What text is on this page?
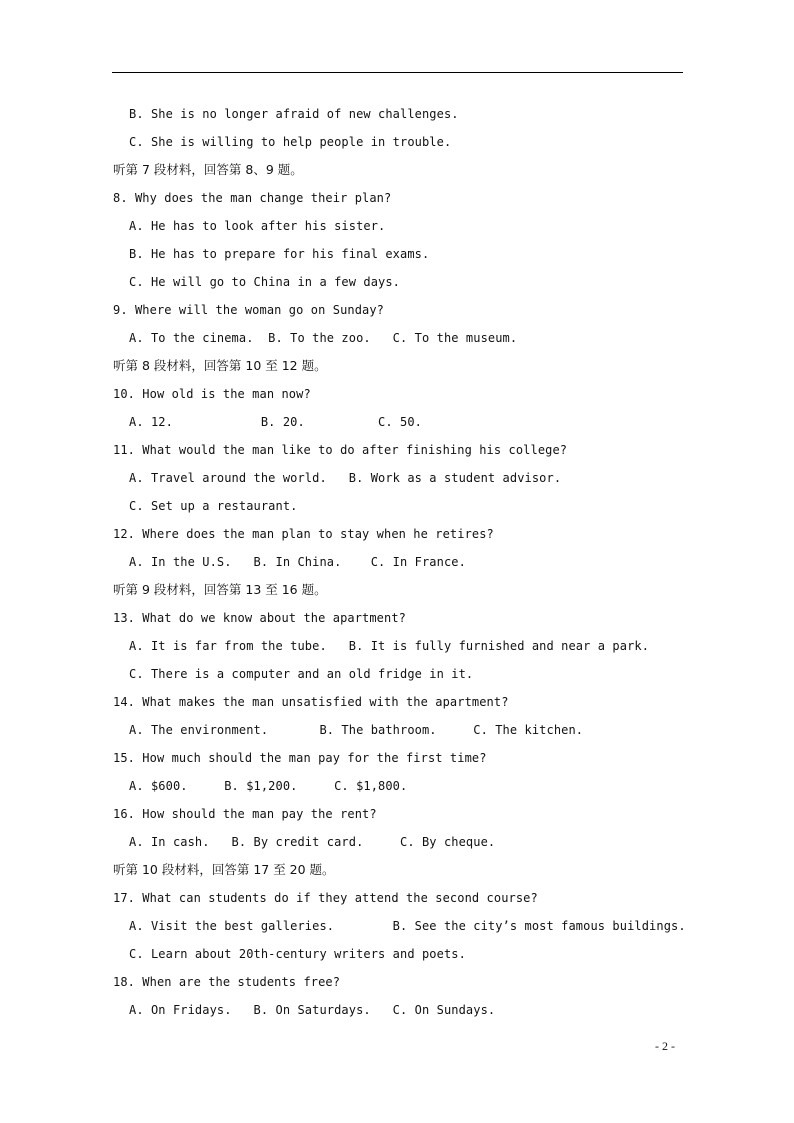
B. She is no longer afraid of new challenges.
C. She is willing to help people in trouble.
听第 7 段材料，回答第 8、9 题。
8. Why does the man change their plan?
A. He has to look after his sister.
B. He has to prepare for his final exams.
C. He will go to China in a few days.
9. Where will the woman go on Sunday?
A. To the cinema.  B. To the zoo.   C. To the museum.
听第 8 段材料，回答第 10 至 12 题。
10. How old is the man now?
A. 12.            B. 20.          C. 50.
11. What would the man like to do after finishing his college?
A. Travel around the world.   B. Work as a student advisor.
C. Set up a restaurant.
12. Where does the man plan to stay when he retires?
A. In the U.S.   B. In China.    C. In France.
听第 9 段材料，回答第 13 至 16 题。
13. What do we know about the apartment?
A. It is far from the tube.   B. It is fully furnished and near a park.
C. There is a computer and an old fridge in it.
14. What makes the man unsatisfied with the apartment?
A. The environment.       B. The bathroom.     C. The kitchen.
15. How much should the man pay for the first time?
A. $600.     B. $1,200.     C. $1,800.
16. How should the man pay the rent?
A. In cash.   B. By credit card.     C. By cheque.
听第 10 段材料，回答第 17 至 20 题。
17. What can students do if they attend the second course?
A. Visit the best galleries.        B. See the city’s most famous buildings.
C. Learn about 20th-century writers and poets.
18. When are the students free?
A. On Fridays.   B. On Saturdays.   C. On Sundays.
- 2 -
